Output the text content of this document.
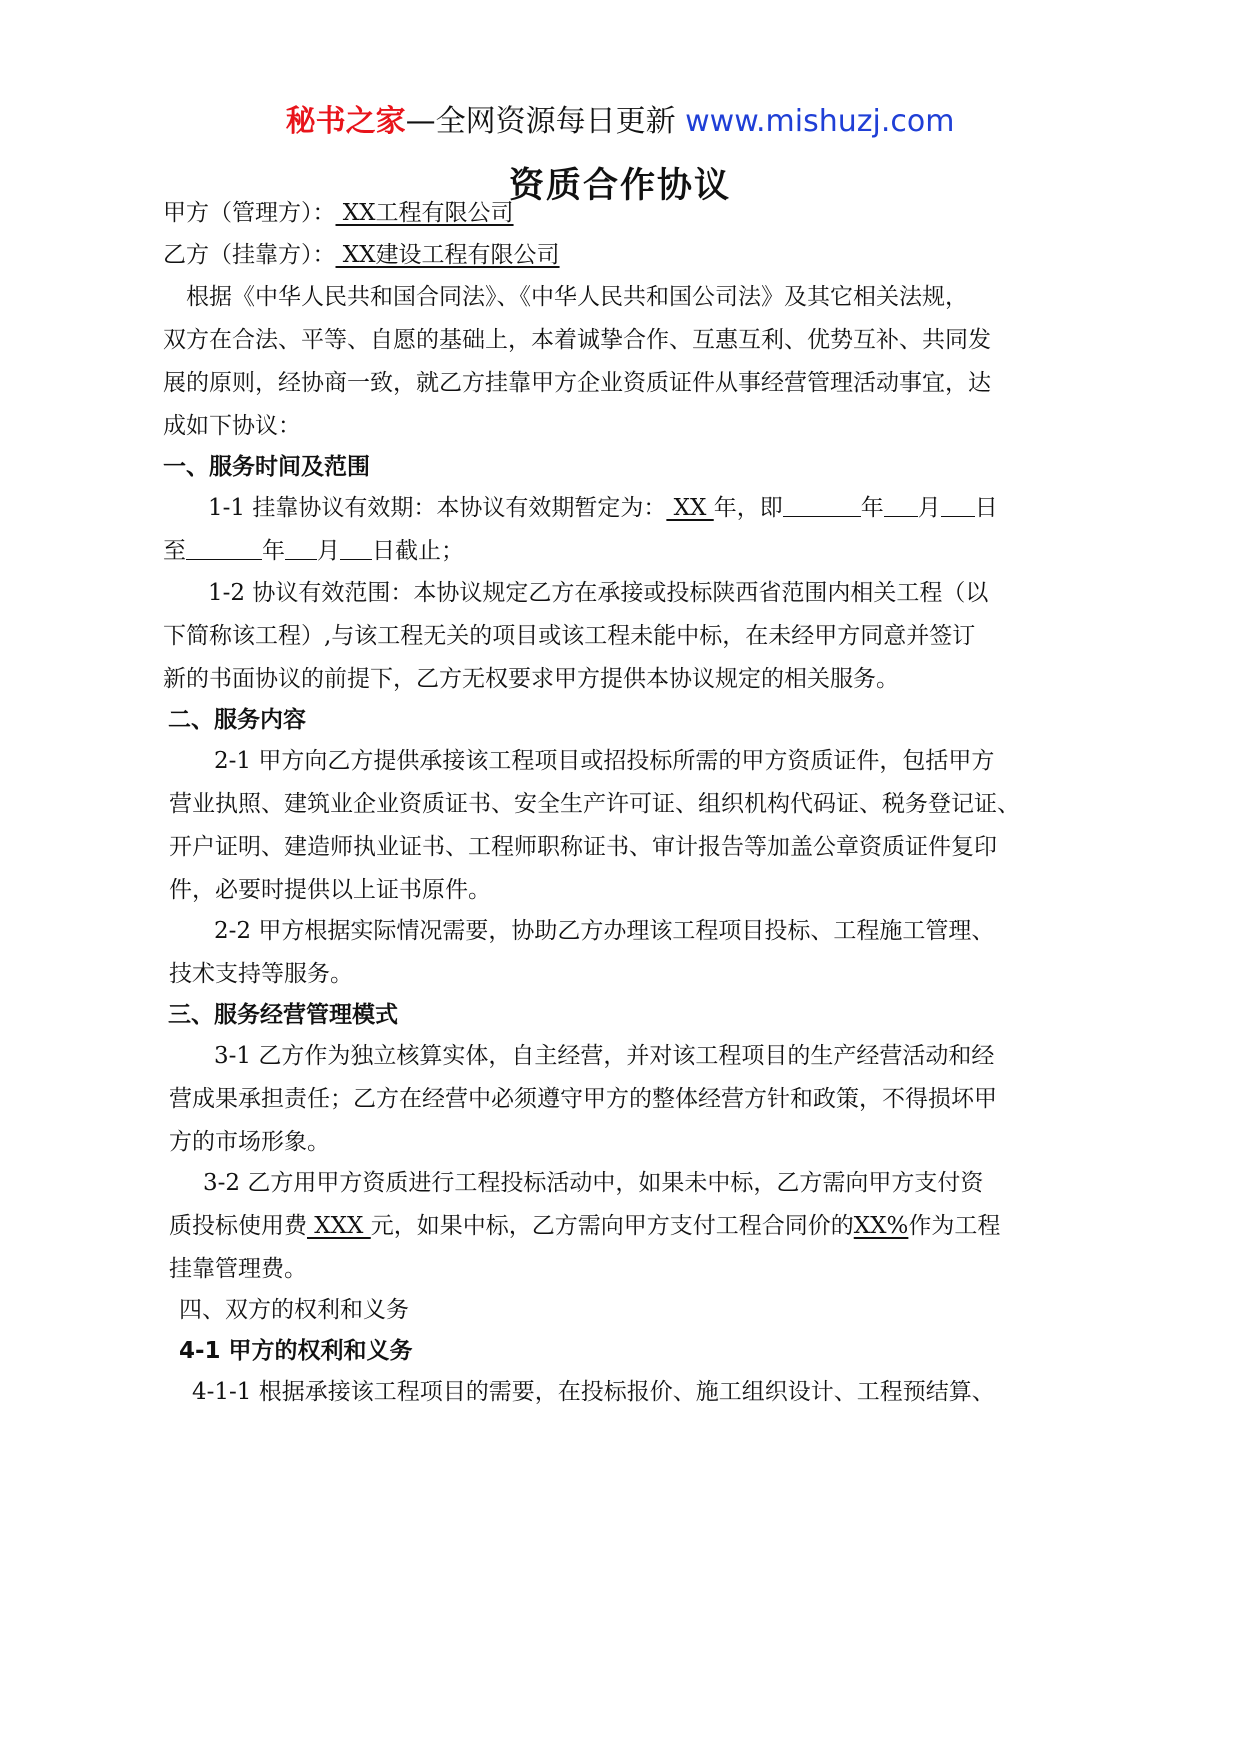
秘书之家—全网资源每日更新 www.mishuzj.com
资质合作协议
甲方（管理方）： XX工程有限公司
乙方（挂靠方）： XX建设工程有限公司
根据《中华人民共和国合同法》、《中华人民共和国公司法》及其它相关法规，
双方在合法、平等、自愿的基础上，本着诚挚合作、互惠互利、优势互补、共同发
展的原则，经协商一致，就乙方挂靠甲方企业资质证件从事经营管理活动事宜，达
成如下协议：
一、服务时间及范围
1-1 挂靠协议有效期：本协议有效期暂定为： XX 年，即	年 月 日
至	年 月 日截止；
1-2 协议有效范围：本协议规定乙方在承接或投标陕西省范围内相关工程（以
下简称该工程）,与该工程无关的项目或该工程未能中标，在未经甲方同意并签订
新的书面协议的前提下，乙方无权要求甲方提供本协议规定的相关服务。
二、服务内容
2-1 甲方向乙方提供承接该工程项目或招投标所需的甲方资质证件，包括甲方
营业执照、建筑业企业资质证书、安全生产许可证、组织机构代码证、税务登记证、
开户证明、建造师执业证书、工程师职称证书、审计报告等加盖公章资质证件复印
件，必要时提供以上证书原件。
2-2 甲方根据实际情况需要，协助乙方办理该工程项目投标、工程施工管理、
技术支持等服务。
三、服务经营管理模式
3-1 乙方作为独立核算实体，自主经营，并对该工程项目的生产经营活动和经
营成果承担责任；乙方在经营中必须遵守甲方的整体经营方针和政策，不得损坏甲
方的市场形象。
3-2 乙方用甲方资质进行工程投标活动中，如果未中标，乙方需向甲方支付资
质投标使用费 XXX 元，如果中标，乙方需向甲方支付工程合同价的XX%作为工程
挂靠管理费。
四、双方的权利和义务
4-1 甲方的权利和义务
4-1-1 根据承接该工程项目的需要，在投标报价、施工组织设计、工程预结算、
